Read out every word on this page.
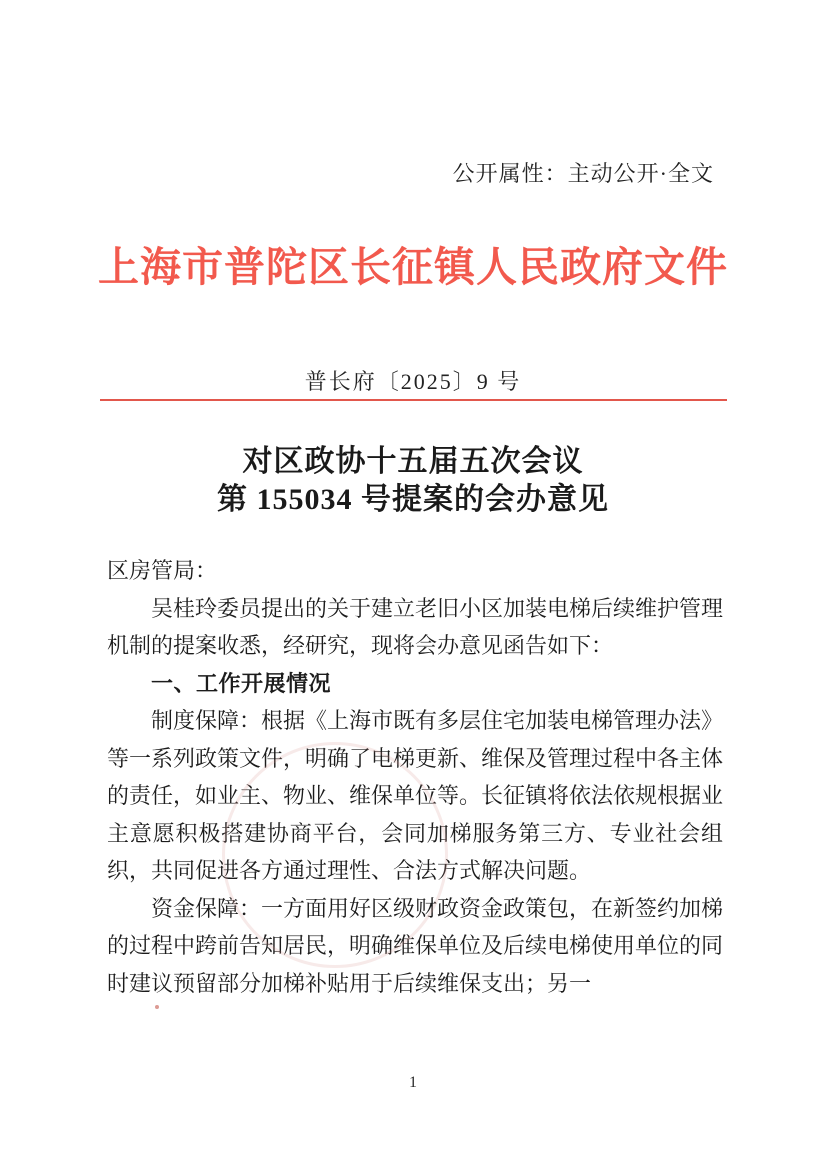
公开属性：主动公开·全文
上海市普陀区长征镇人民政府文件
普长府〔2025〕9 号
对区政协十五届五次会议
第 155034 号提案的会办意见

区房管局：

吴桂玲委员提出的关于建立老旧小区加装电梯后续维护管理机制的提案收悉，经研究，现将会办意见函告如下：

一、工作开展情况

制度保障：根据《上海市既有多层住宅加装电梯管理办法》等一系列政策文件，明确了电梯更新、维保及管理过程中各主体的责任，如业主、物业、维保单位等。长征镇将依法依规根据业主意愿积极搭建协商平台，会同加梯服务第三方、专业社会组织，共同促进各方通过理性、合法方式解决问题。

资金保障：一方面用好区级财政资金政策包，在新签约加梯的过程中跨前告知居民，明确维保单位及后续电梯使用单位的同时建议预留部分加梯补贴用于后续维保支出；另一

1
